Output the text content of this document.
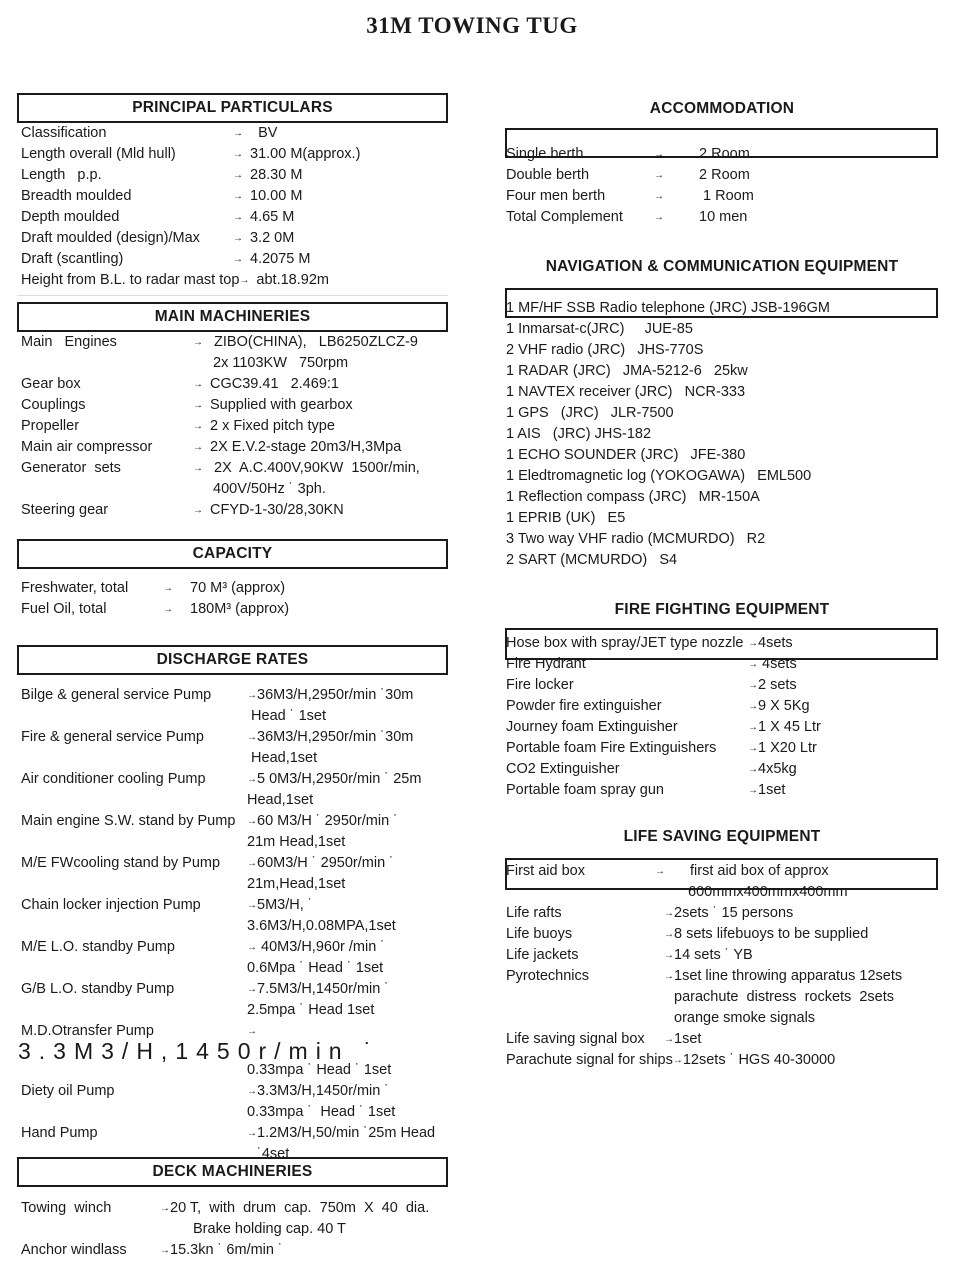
31M TOWING TUG
PRINCIPAL PARTICULARS
Classification	→ BV
Length overall (Mld hull)	→ 31.00 M(approx.)
Length   p.p.	→ 28.30 M
Breadth moulded	→ 10.00 M
Depth moulded	→ 4.65 M
Draft moulded (design)/Max	→ 3.2 0M
Draft (scantling)	→ 4.2075 M
Height from B.L. to radar mast top → abt.18.92m
MAIN MACHINERIES
Main   Engines	→ ZIBO(CHINA),   LB6250ZLCZ-9
2x 1103KW   750rpm
Gear box	→ CGC39.41   2.469:1
Couplings	→ Supplied with gearbox
Propeller	→ 2 x Fixed pitch type
Main air compressor	→ 2X E.V.2-stage 20m3/H,3Mpa
Generator  sets	→ 2X  A.C.400V,90KW  1500r/min,
400V/50Hz ˙ 3ph.
Steering gear	→ CFYD-1-30/28,30KN
CAPACITY
Freshwater, total	→	70 M³ (approx)
Fuel Oil, total	→	180M³ (approx)
DISCHARGE RATES
Bilge & general service Pump	→ 36M3/H,2950r/min ˙30m
Head ˙ 1set
Fire & general service Pump	→ 36M3/H,2950r/min ˙30m
Head,1set
Air conditioner cooling Pump	→ 5 0M3/H,2950r/min ˙ 25m
Head,1set
Main engine S.W. stand by Pump	→ 60 M3/H ˙ 2950r/min ˙
21m Head,1set
M/E FWcooling stand by Pump	→ 60M3/H ˙ 2950r/min ˙
21m,Head,1set
Chain locker injection Pump	→ 5M3/H, ˙
3.6M3/H,0.08MPA,1set
M/E L.O. standby Pump	→ 40M3/H,960r /min ˙
0.6Mpa ˙ Head ˙ 1set
G/B L.O. standby Pump	→ 7.5M3/H,1450r/min ˙
2.5mpa ˙ Head 1set
M.D.Otransfer Pump	→
3.3M3/H,1450r/min ˙
0.33mpa ˙ Head ˙ 1set
Diety oil Pump	→ 3.3M3/H,1450r/min ˙
0.33mpa ˙  Head ˙ 1set
Hand Pump	→ 1.2M3/H,50/min ˙25m Head ˙4set
DECK MACHINERIES
Towing  winch	→ 20 T,  with  drum  cap.  750m  X  40  dia.
Brake holding cap. 40 T
Anchor windlass	→ 15.3kn ˙ 6m/min ˙
ACCOMMODATION
Single berth	→	2 Room
Double berth	→	2 Room
Four men berth	→	1 Room
Total Complement	→	10 men
NAVIGATION & COMMUNICATION EQUIPMENT
1 MF/HF SSB Radio telephone (JRC) JSB-196GM
1 Inmarsat-c(JRC)     JUE-85
2 VHF radio (JRC)   JHS-770S
1 RADAR (JRC)   JMA-5212-6   25kw
1 NAVTEX receiver (JRC)   NCR-333
1 GPS   (JRC)   JLR-7500
1 AIS   (JRC) JHS-182
1 ECHO SOUNDER (JRC)   JFE-380
1 Eledtromagnetic log (YOKOGAWA)   EML500
1 Reflection compass (JRC)   MR-150A
1 EPRIB (UK)   E5
3 Two way VHF radio (MCMURDO)   R2
2 SART (MCMURDO)   S4
FIRE FIGHTING EQUIPMENT
Hose box with spray/JET type nozzle → 4sets
Fire Hydrant	→ 4sets
Fire locker	→ 2 sets
Powder fire extinguisher	→ 9 X 5Kg
Journey foam Extinguisher	→ 1 X 45 Ltr
Portable foam Fire Extinguishers	→ 1 X20 Ltr
CO2 Extinguisher	→ 4x5kg
Portable foam spray gun	→ 1set
LIFE SAVING EQUIPMENT
First aid box	→	first aid box of approx
600mmx400mmx400mm
Life rafts	→ 2sets ˙ 15 persons
Life buoys	→ 8 sets lifebuoys to be supplied
Life jackets	→ 14 sets ˙ YB
Pyrotechnics	→ 1set line throwing apparatus 12sets
parachute  distress  rockets  2sets
orange smoke signals
Life saving signal box	→ 1set
Parachute signal for ships → 12sets ˙ HGS 40-30000
